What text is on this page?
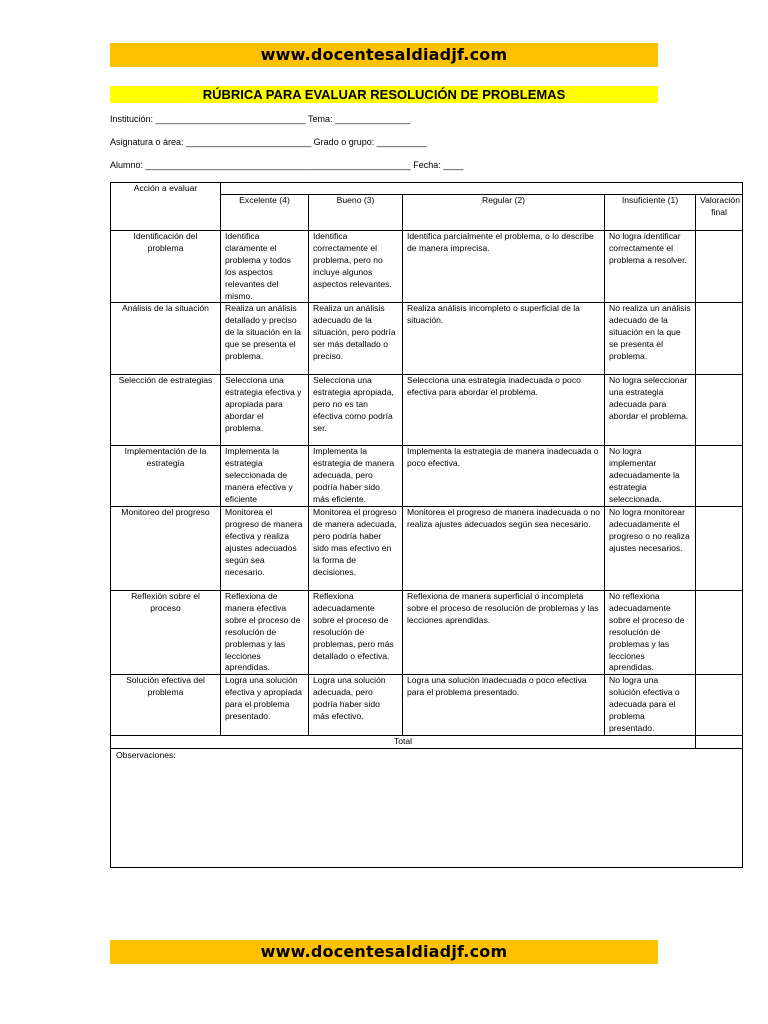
www.docentesaldiadjf.com
RÚBRICA PARA EVALUAR RESOLUCIÓN DE PROBLEMAS
Institución: ______________________________ Tema: _______________
Asignatura o área: _________________________ Grado o grupo: __________
Alumno: _____________________________________________________ Fecha: ____
Acción a evaluar					
	Excelente (4)	Bueno (3)	Regular (2)	Insuficiente (1)	Valoración final
Identificación del problema	Identifica claramente el problema y todos los aspectos relevantes del mismo.	Identifica correctamente el problema, pero no incluye algunos aspectos relevantes.	Identifica parcialmente el problema, o lo describe de manera imprecisa.	No logra identificar correctamente el problema a resolver.	
Análisis de la situación	Realiza un análisis detallado y preciso de la situación en la que se presenta el problema.	Realiza un análisis adecuado de la situación, pero podría ser más detallado o preciso.	Realiza análisis incompleto o superficial de la situación.	No realiza un análisis adecuado de la situación en la que se presenta el problema.	
Selección de estrategias	Selecciona una estrategia efectiva y apropiada para abordar el problema.	Selecciona una estrategia apropiada, pero no es tan efectiva como podría ser.	Selecciona una estrategia inadecuada o poco efectiva para abordar el problema.	No logra seleccionar una estrategia adecuada para abordar el problema.	
Implementación de la estrategia	Implementa la estrategia seleccionada de manera efectiva y eficiente	Implementa la estrategia de manera adecuada, pero podría haber sido más eficiente.	Implementa la estrategia de manera inadecuada o poco efectiva.	No logra implementar adecuadamente la estrategia seleccionada.	
Monitoreo del progreso	Monitorea el progreso de manera efectiva y realiza ajustes adecuados según sea necesario.	Monitorea el progreso de manera adecuada, pero podría haber sido mas efectivo en la forma de decisiones.	Monitorea el progreso de manera inadecuada o no realiza ajustes adecuados según sea necesario.	No logra monitorear adecuadamente el progreso o no realiza ajustes necesarios.	
Reflexión sobre el proceso	Reflexiona de manera efectiva sobre el proceso de resolución de problemas y las lecciones aprendidas.	Reflexiona adecuadamente sobre el proceso de resolución de problemas, pero más detallado o efectiva.	Reflexiona de manera superficial o incompleta sobre el proceso de resolución de problemas y las lecciones aprendidas.	No reflexiona adecuadamente sobre el proceso de resolución de problemas y las lecciones aprendidas.	
Solución efectiva del problema	Logra una solución efectiva y apropiada para el problema presentado.	Logra una solución adecuada, pero podría haber sido más efectivo.	Logra una solución inadecuada o poco efectiva para el problema presentado.	No logra una solución efectiva o adecuada para el problema presentado.	
Total					
Observaciones:					
www.docentesaldiadjf.com
